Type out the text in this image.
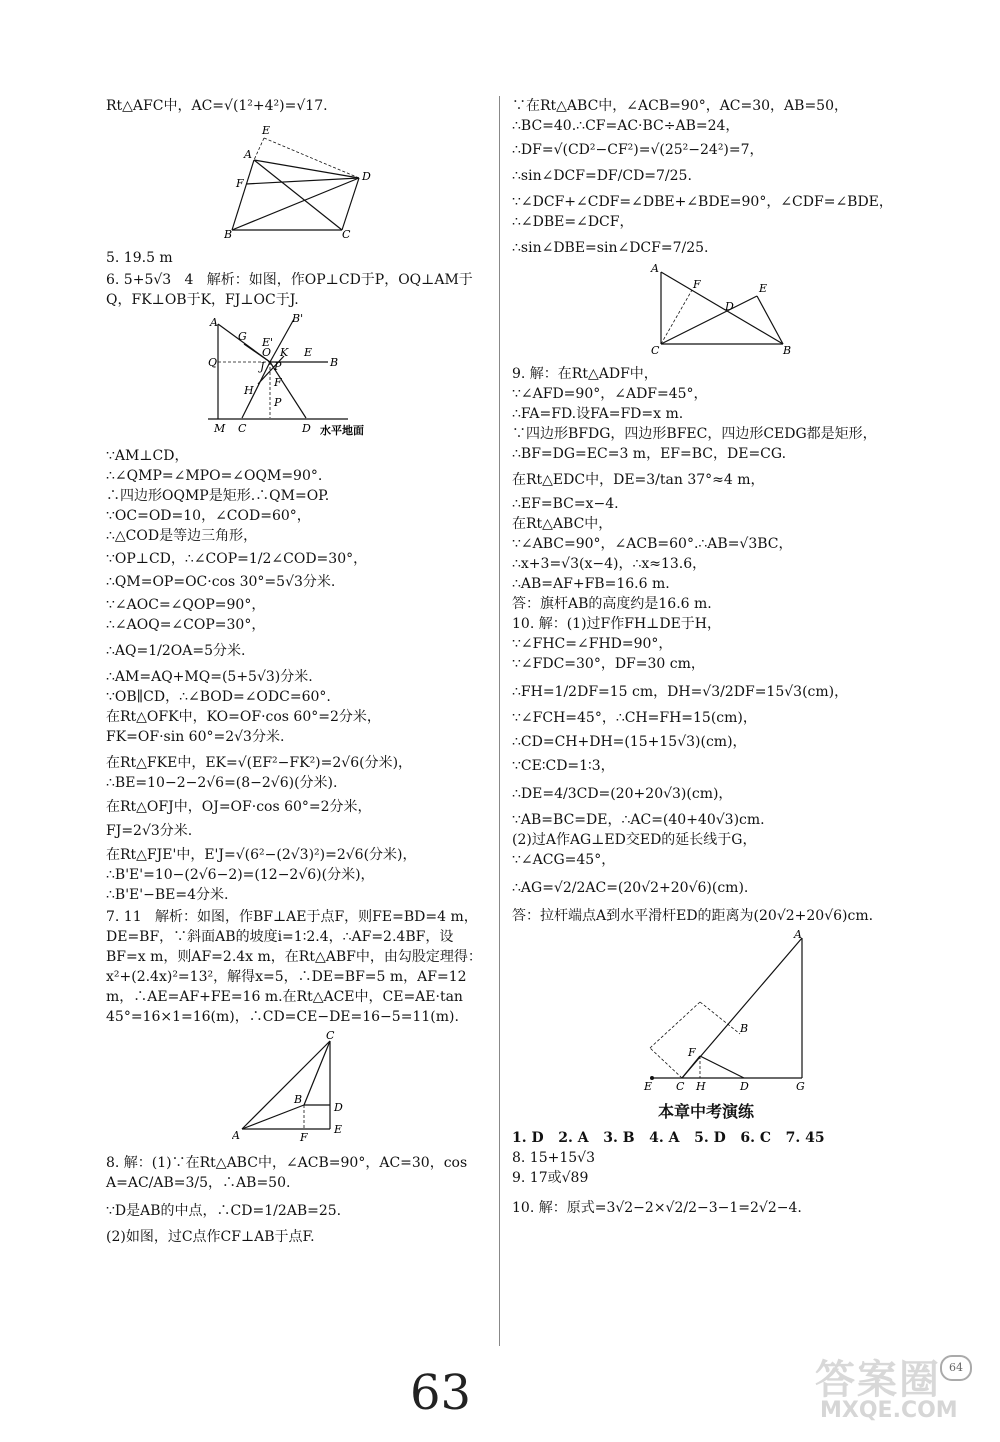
Rt△AFC中，AC=√(1²+4²)=√17.
E
A
F
D
B	C
5. 19.5 m
6. 5+5√3   4   解析：如图，作OP⊥CD于P，OQ⊥AM于Q，FK⊥OB于K，FJ⊥OC于J.
A
G
B'
E'
O K E
B
Q	J P
H
F
P
M C	D 水平地面
∵AM⊥CD，
∴∠QMP=∠MPO=∠OQM=90°.
∴四边形OQMP是矩形.∴QM=OP.
∵OC=OD=10，∠COD=60°，
∴△COD是等边三角形，
∵OP⊥CD，∴∠COP=1/2∠COD=30°，
∴QM=OP=OC·cos 30°=5√3分米.
∵∠AOC=∠QOP=90°，
∴∠AOQ=∠COP=30°，
∴AQ=1/2OA=5分米.
∴AM=AQ+MQ=(5+5√3)分米.
∵OB∥CD，∴∠BOD=∠ODC=60°.
在Rt△OFK中，KO=OF·cos 60°=2分米，
FK=OF·sin 60°=2√3分米.
在Rt△FKE中，EK=√(EF²−FK²)=2√6(分米)，
∴BE=10−2−2√6=(8−2√6)(分米).
在Rt△OFJ中，OJ=OF·cos 60°=2分米，
FJ=2√3分米.
在Rt△FJE'中，E'J=√(6²−(2√3)²)=2√6(分米)，
∴B'E'=10−(2√6−2)=(12−2√6)(分米)，
∴B'E'−BE=4分米.
7. 11   解析：如图，作BF⊥AE于点F，则FE=BD=4 m，DE=BF，∵斜面AB的坡度i=1∶2.4，∴AF=2.4BF，设BF=x m，则AF=2.4x m，在Rt△ABF中，由勾股定理得：x²+(2.4x)²=13²，解得x=5，∴DE=BF=5 m，AF=12 m，∴AE=AF+FE=16 m.在Rt△ACE中，CE=AE·tan 45°=16×1=16(m)，∴CD=CE−DE=16−5=11(m).
C
B
D
A	F
E
8. 解：(1)∵在Rt△ABC中，∠ACB=90°，AC=30，cos A=AC/AB=3/5，∴AB=50.
∵D是AB的中点，∴CD=1/2AB=25.
(2)如图，过C点作CF⊥AB于点F.
∵在Rt△ABC中，∠ACB=90°，AC=30，AB=50，
∴BC=40.∴CF=AC·BC÷AB=24，
∴DF=√(CD²−CF²)=√(25²−24²)=7，
∴sin∠DCF=DF/CD=7/25.
∵∠DCF+∠CDF=∠DBE+∠BDE=90°，∠CDF=∠BDE，
∴∠DBE=∠DCF，
∴sin∠DBE=sin∠DCF=7/25.
A
F	E
D
C	B
9. 解：在Rt△ADF中，
∵∠AFD=90°，∠ADF=45°，
∴FA=FD.设FA=FD=x m.
∵四边形BFDG，四边形BFEC，四边形CEDG都是矩形，
∴BF=DG=EC=3 m，EF=BC，DE=CG.
在Rt△EDC中，DE=3/tan 37°≈4 m，
∴EF=BC=x−4.
在Rt△ABC中，
∵∠ABC=90°，∠ACB=60°.∴AB=√3BC，
∴x+3=√3(x−4)，∴x≈13.6，
∴AB=AF+FB=16.6 m.
答：旗杆AB的高度约是16.6 m.
10. 解：(1)过F作FH⊥DE于H，
∵∠FHC=∠FHD=90°，
∵∠FDC=30°，DF=30 cm，
∴FH=1/2DF=15 cm，DH=√3/2DF=15√3(cm)，
∵∠FCH=45°，∴CH=FH=15(cm)，
∴CD=CH+DH=(15+15√3)(cm)，
∵CE∶CD=1∶3，
∴DE=4/3CD=(20+20√3)(cm)，
∵AB=BC=DE，∴AC=(40+40√3)cm.
(2)过A作AG⊥ED交ED的延长线于G，
∵∠ACG=45°，
∴AG=√2/2AC=(20√2+20√6)(cm).
答：拉杆端点A到水平滑杆ED的距离为(20√2+20√6)cm.
A
B
F
E C H	D	G
本章中考演练
1. D   2. A   3. B   4. A   5. D   6. C   7. 45
8. 15+15√3
9. 17或√89
10. 解：原式=3√2−2×√2/2−3−1=2√2−4.
63	答案圈
MXQE.COM
64
